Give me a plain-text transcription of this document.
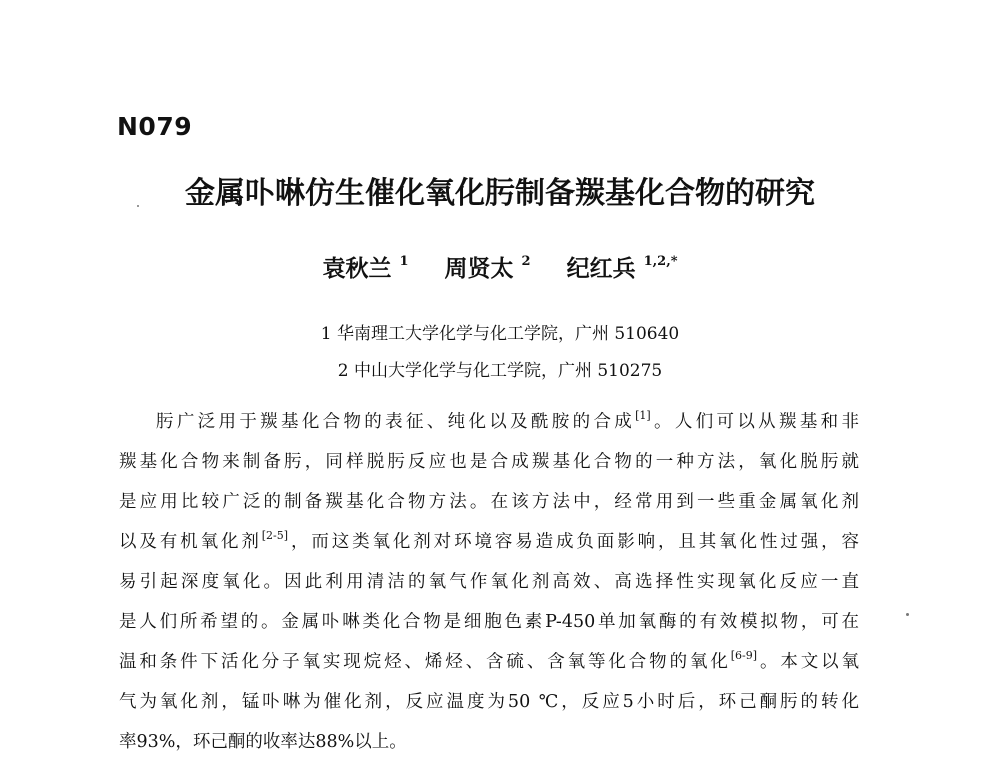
N079
金属卟啉仿生催化氧化肟制备羰基化合物的研究
袁秋兰 $^1$ 周贤太 $^2$ 纪红兵 $^{1,2,*}$
1 华南理工大学化学与化工学院，广州 510640
2 中山大学化学与化工学院，广州 510275
肟广泛用于羰基化合物的表征、纯化以及酰胺的合成[1]。人们可以从羰基和非
羰基化合物来制备肟，同样脱肟反应也是合成羰基化合物的一种方法，氧化脱肟就
是应用比较广泛的制备羰基化合物方法。在该方法中，经常用到一些重金属氧化剂
以及有机氧化剂[2-5]，而这类氧化剂对环境容易造成负面影响，且其氧化性过强，容
易引起深度氧化。因此利用清洁的氧气作氧化剂高效、高选择性实现氧化反应一直
是人们所希望的。金属卟啉类化合物是细胞色素P-450单加氧酶的有效模拟物，可在
温和条件下活化分子氧实现烷烃、烯烃、含硫、含氧等化合物的氧化[6-9]。本文以氧
气为氧化剂，锰卟啉为催化剂，反应温度为50 ℃，反应5小时后，环己酮肟的转化
率93%，环己酮的收率达88%以上。
